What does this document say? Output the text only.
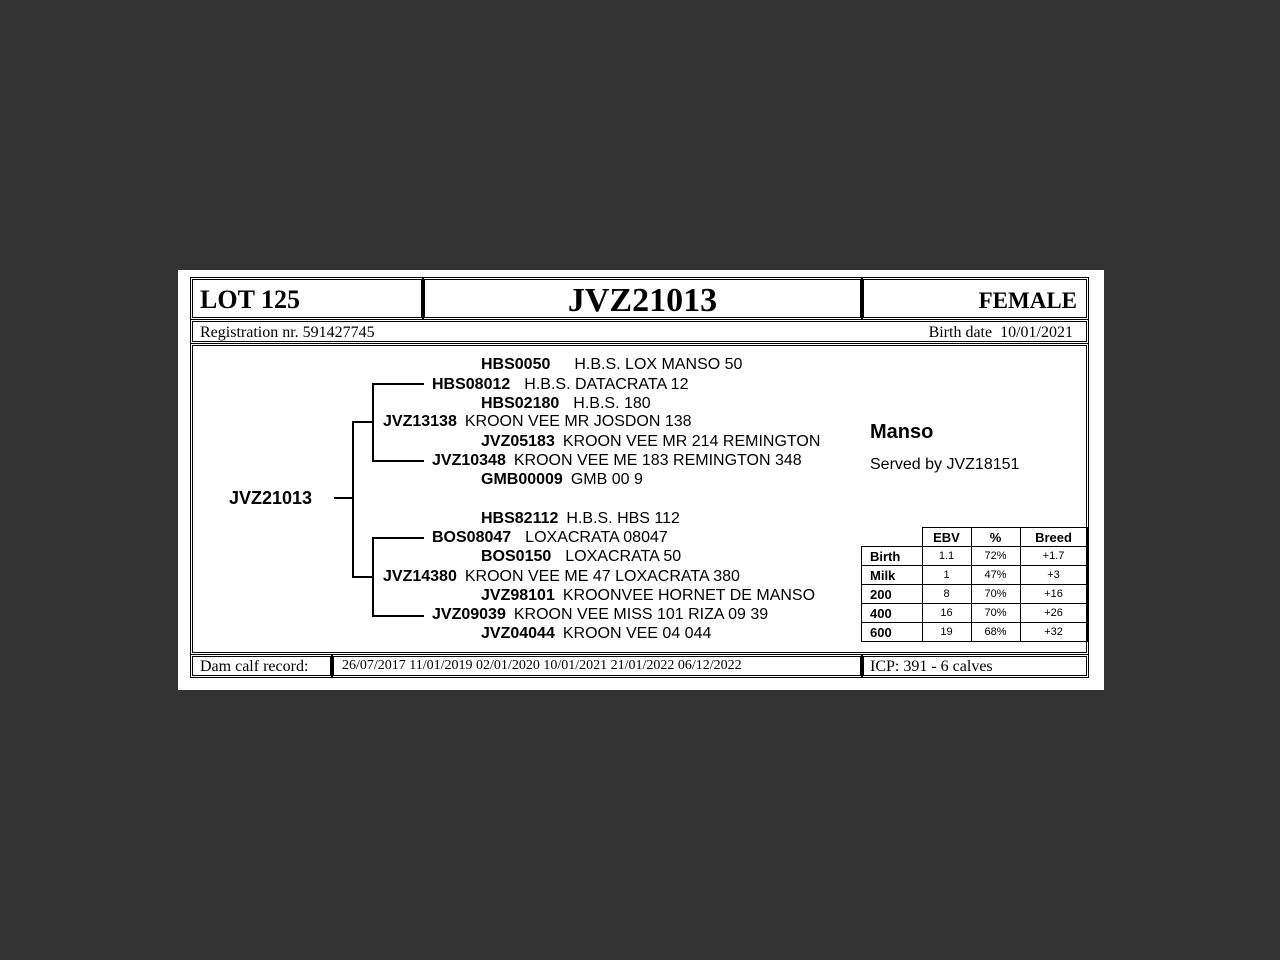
LOT 125	JVZ21013	FEMALE
Registration nr. 591427745	Birth date 10/01/2021
JVZ21013
HBS0050 H.B.S. LOX MANSO 50
HBS08012 H.B.S. DATACRATA 12
HBS02180 H.B.S. 180
JVZ13138 KROON VEE MR JOSDON 138
JVZ05183 KROON VEE MR 214 REMINGTON
JVZ10348 KROON VEE ME 183 REMINGTON 348
GMB00009 GMB 00 9
HBS82112 H.B.S. HBS 112
BOS08047 LOXACRATA 08047
BOS0150 LOXACRATA 50
JVZ14380 KROON VEE ME 47 LOXACRATA 380
JVZ98101 KROONVEE HORNET DE MANSO
JVZ09039 KROON VEE MISS 101 RIZA 09 39
JVZ04044 KROON VEE 04 044
Manso
Served by JVZ18151
	EBV	%	Breed
Birth	1.1	72%	+1.7
Milk	1	47%	+3
200	8	70%	+16
400	16	70%	+26
600	19	68%	+32
Dam calf record: 26/07/2017 11/01/2019 02/01/2020 10/01/2021 21/01/2022 06/12/2022	ICP: 391 - 6 calves
